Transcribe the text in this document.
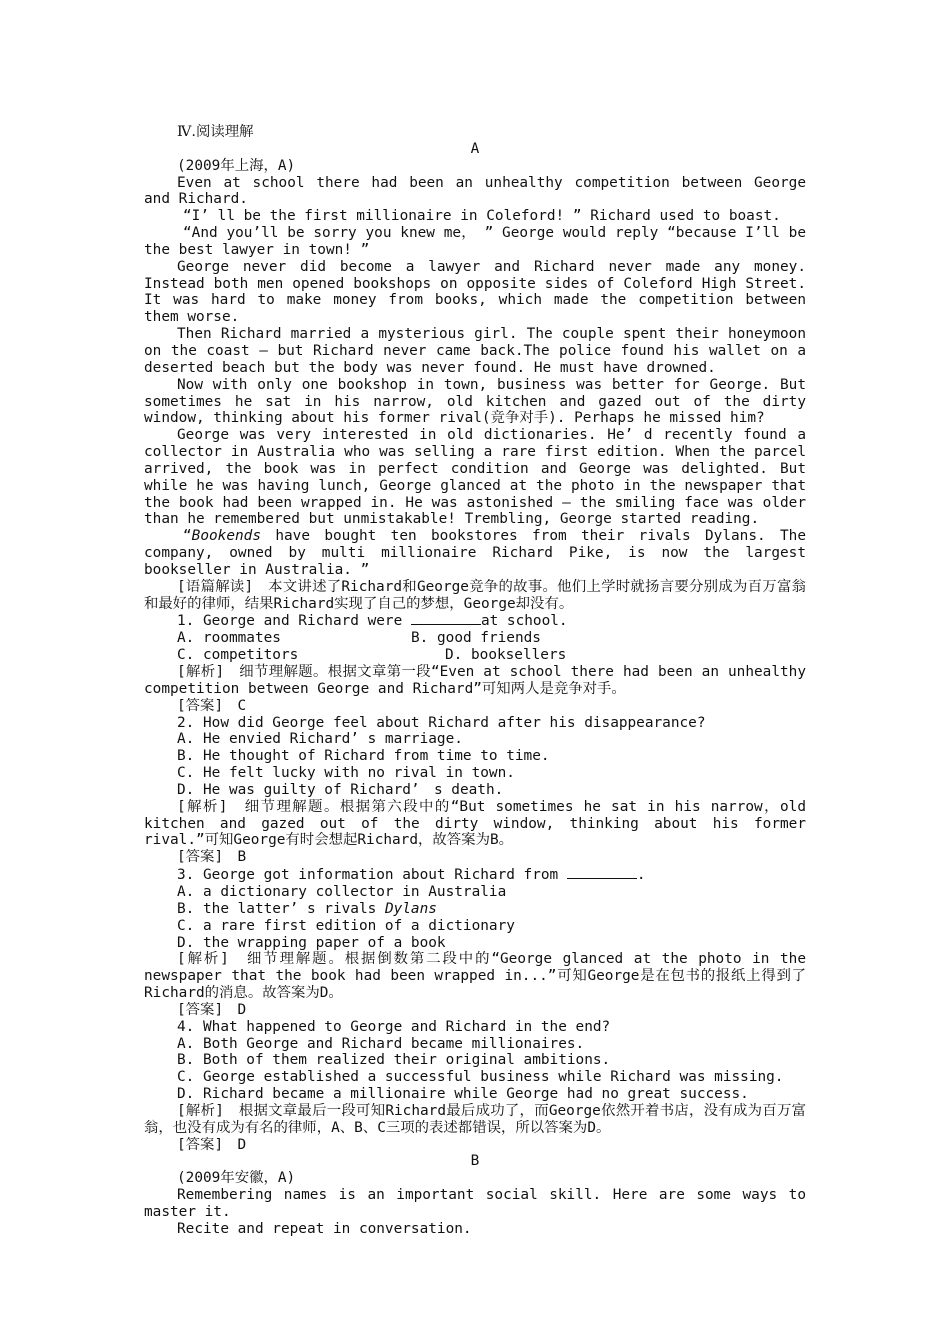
Ⅳ.阅读理解

A

(2009年上海，A)

Even at school there had been an unhealthy competition between George and Richard.

“I’ ll be the first millionaire in Coleford! ” Richard used to boast.

“And you’ll be sorry you knew me， ” George would reply “because I’ll be the best lawyer in town! ”

George never did become a lawyer and Richard never made any money. Instead both men opened bookshops on opposite sides of Coleford High Street. It was hard to make money from books, which made the competition between them worse.

Then Richard married a mysterious girl. The couple spent their honeymoon on the coast — but Richard never came back.The police found his wallet on a deserted beach but the body was never found. He must have drowned.

Now with only one bookshop in town, business was better for George. But sometimes he sat in his narrow, old kitchen and gazed out of the dirty window, thinking about his former rival(竞争对手). Perhaps he missed him?

George was very interested in old dictionaries. He’ d recently found a collector in Australia who was selling a rare first edition. When the parcel arrived, the book was in perfect condition and George was delighted. But while he was having lunch, George glanced at the photo in the newspaper that the book had been wrapped in. He was astonished — the smiling face was older than he remembered but unmistakable! Trembling, George started reading.

“Bookends have bought ten bookstores from their rivals Dylans. The company, owned by multi millionaire Richard Pike, is now the largest bookseller in Australia. ”

[语篇解读]　本文讲述了Richard和George竞争的故事。他们上学时就扬言要分别成为百万富翁和最好的律师，结果Richard实现了自己的梦想，George却没有。

1. George and Richard were	at school.

A. roommates	B. good friends
C. competitors	D. booksellers

[解析]　细节理解题。根据文章第一段“Even at school there had been an unhealthy competition between George and Richard”可知两人是竞争对手。

[答案]　C

2. How did George feel about Richard after his disappearance?

A. He envied Richard’ s marriage.

B. He thought of Richard from time to time.

C. He felt lucky with no rival in town.

D. He was guilty of Richard’　s death.

[解析]　细节理解题。根据第六段中的“But sometimes he sat in his narrow，old kitchen and gazed out of the dirty window, thinking about his former rival.”可知George有时会想起Richard，故答案为B。

[答案]　B

3. George got information about Richard from	.

A. a dictionary collector in Australia

B. the latter’ s rivals Dylans

C. a rare first edition of a dictionary

D. the wrapping paper of a book

[解析]　细节理解题。根据倒数第二段中的“George glanced at the photo in the newspaper that the book had been wrapped in...”可知George是在包书的报纸上得到了Richard的消息。故答案为D。

[答案]　D

4. What happened to George and Richard in the end?

A. Both George and Richard became millionaires.

B. Both of them realized their original ambitions.

C. George established a successful business while Richard was missing.

D. Richard became a millionaire while George had no great success.

[解析]　根据文章最后一段可知Richard最后成功了，而George依然开着书店，没有成为百万富翁，也没有成为有名的律师，A、B、C三项的表述都错误，所以答案为D。

[答案]　D

B

(2009年安徽，A)

Remembering names is an important social skill. Here are some ways to master it.

Recite and repeat in conversation.
